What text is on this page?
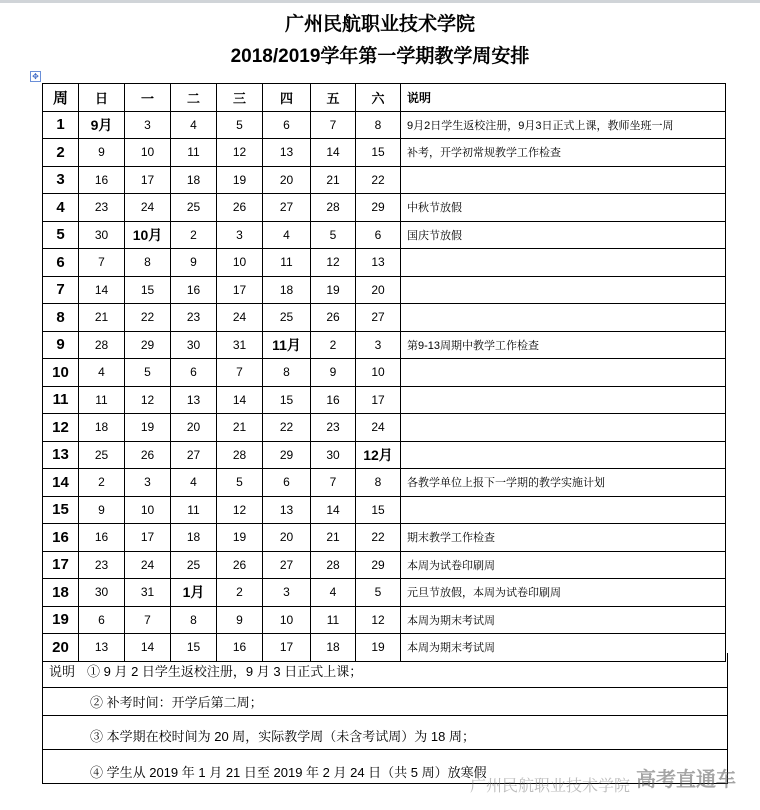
广州民航职业技术学院
2018/2019学年第一学期教学周安排
✥
周	日	一	二	三	四	五	六	说明
1	9月	3	4	5	6	7	8	9月2日学生返校注册，9月3日正式上课，教师坐班一周
2	9	10	11	12	13	14	15	补考，开学初常规教学工作检查
3	16	17	18	19	20	21	22	
4	23	24	25	26	27	28	29	中秋节放假
5	30	10月	2	3	4	5	6	国庆节放假
6	7	8	9	10	11	12	13	
7	14	15	16	17	18	19	20	
8	21	22	23	24	25	26	27	
9	28	29	30	31	11月	2	3	第9-13周期中教学工作检查
10	4	5	6	7	8	9	10	
11	11	12	13	14	15	16	17	
12	18	19	20	21	22	23	24	
13	25	26	27	28	29	30	12月	
14	2	3	4	5	6	7	8	各教学单位上报下一学期的教学实施计划
15	9	10	11	12	13	14	15	
16	16	17	18	19	20	21	22	期末教学工作检查
17	23	24	25	26	27	28	29	本周为试卷印刷周
18	30	31	1月	2	3	4	5	元旦节放假，本周为试卷印刷周
19	6	7	8	9	10	11	12	本周为期末考试周
20	13	14	15	16	17	18	19	本周为期末考试周
说明 ① 9 月 2 日学生返校注册，9 月 3 日正式上课；
② 补考时间：开学后第二周；
③ 本学期在校时间为 20 周，实际教学周（未含考试周）为 18 周；
④ 学生从 2019 年 1 月 21 日至 2019 年 2 月 24 日（共 5 周）放寒假
广州民航职业技术学院 高考直通车
